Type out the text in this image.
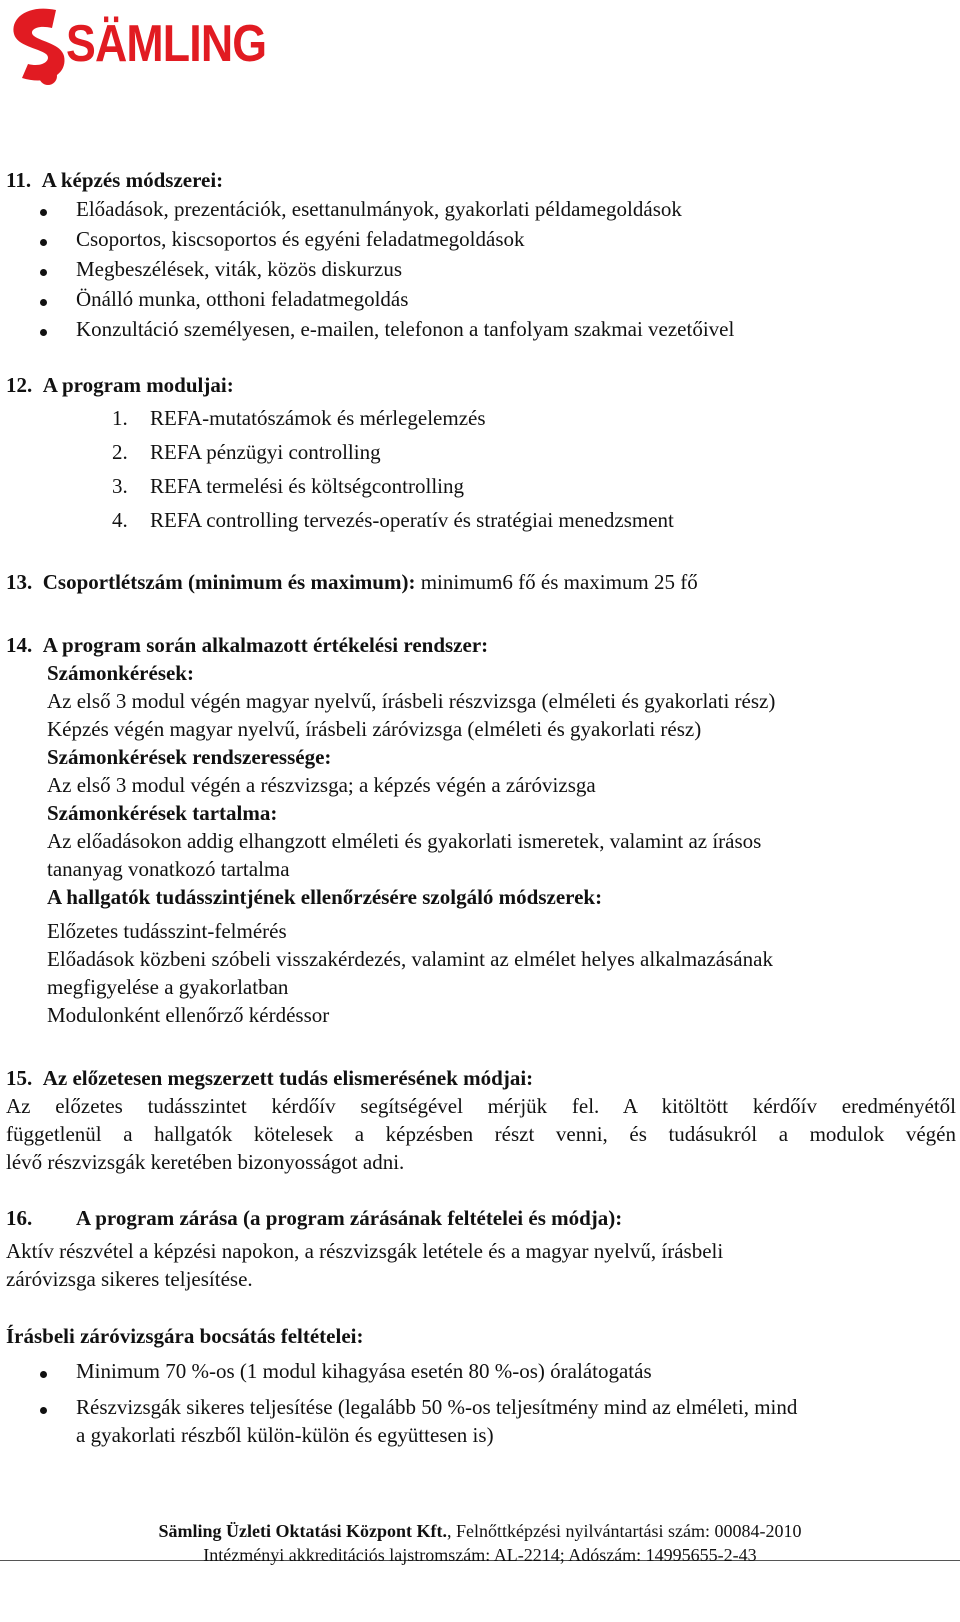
SÄMLING
11. A képzés módszerei:
Előadások, prezentációk, esettanulmányok, gyakorlati példamegoldások
Csoportos, kiscsoportos és egyéni feladatmegoldások
Megbeszélések, viták, közös diskurzus
Önálló munka, otthoni feladatmegoldás
Konzultáció személyesen, e-mailen, telefonon a tanfolyam szakmai vezetőivel
12. A program moduljai:
1. REFA-mutatószámok és mérlegelemzés
2. REFA pénzügyi controlling
3. REFA termelési és költségcontrolling
4. REFA controlling tervezés-operatív és stratégiai menedzsment
13. Csoportlétszám (minimum és maximum): minimum6 fő és maximum 25 fő
14. A program során alkalmazott értékelési rendszer:
Számonkérések:
Az első 3 modul végén magyar nyelvű, írásbeli részvizsga (elméleti és gyakorlati rész)
Képzés végén magyar nyelvű, írásbeli záróvizsga (elméleti és gyakorlati rész)
Számonkérések rendszeressége:
Az első 3 modul végén a részvizsga; a képzés végén a záróvizsga
Számonkérések tartalma:
Az előadásokon addig elhangzott elméleti és gyakorlati ismeretek, valamint az írásos
tananyag vonatkozó tartalma
A hallgatók tudásszintjének ellenőrzésére szolgáló módszerek:
Előzetes tudásszint-felmérés
Előadások közbeni szóbeli visszakérdezés, valamint az elmélet helyes alkalmazásának
megfigyelése a gyakorlatban
Modulonként ellenőrző kérdéssor
15. Az előzetesen megszerzett tudás elismerésének módjai:
Az előzetes tudásszintet kérdőív segítségével mérjük fel. A kitöltött kérdőív eredményétől
függetlenül a hallgatók kötelesek a képzésben részt venni, és tudásukról a modulok végén
lévő részvizsgák keretében bizonyosságot adni.
16. A program zárása (a program zárásának feltételei és módja):
Aktív részvétel a képzési napokon, a részvizsgák letétele és a magyar nyelvű, írásbeli
záróvizsga sikeres teljesítése.
Írásbeli záróvizsgára bocsátás feltételei:
Minimum 70 %-os (1 modul kihagyása esetén 80 %-os) óralátogatás
Részvizsgák sikeres teljesítése (legalább 50 %-os teljesítmény mind az elméleti, mind
a gyakorlati részből külön-külön és együttesen is)
Sämling Üzleti Oktatási Központ Kft., Felnőttképzési nyilvántartási szám: 00084-2010
Intézményi akkreditációs lajstromszám: AL-2214; Adószám: 14995655-2-43
